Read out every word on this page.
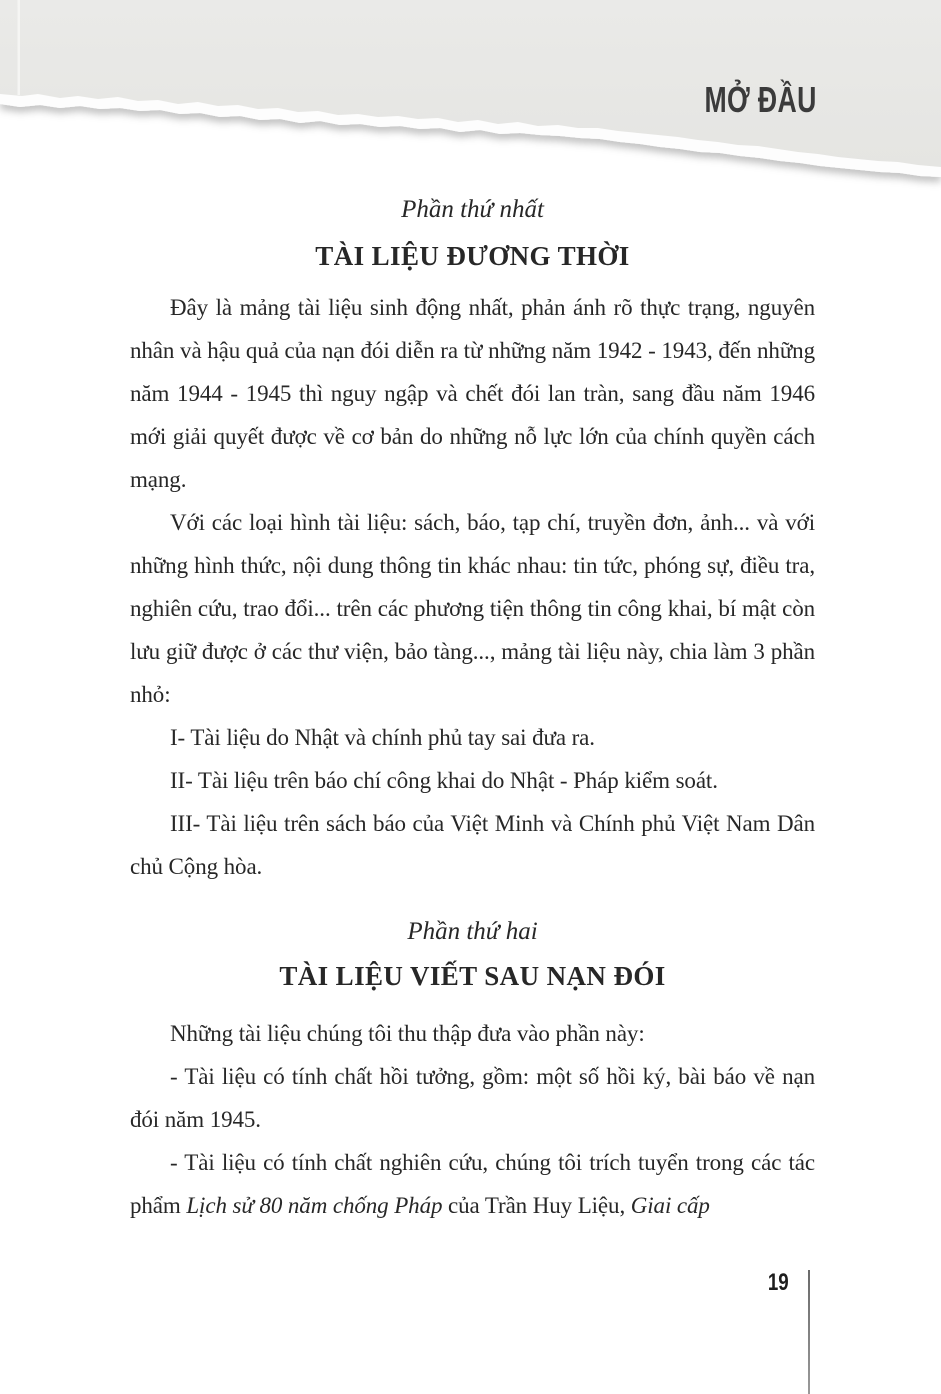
MỞ ĐẦU
Phần thứ nhất
TÀI LIỆU ĐƯƠNG THỜI
Đây là mảng tài liệu sinh động nhất, phản ánh rõ thực trạng, nguyên nhân và hậu quả của nạn đói diễn ra từ những năm 1942 - 1943, đến những năm 1944 - 1945 thì nguy ngập và chết đói lan tràn, sang đầu năm 1946 mới giải quyết được về cơ bản do những nỗ lực lớn của chính quyền cách mạng.
Với các loại hình tài liệu: sách, báo, tạp chí, truyền đơn, ảnh... và với những hình thức, nội dung thông tin khác nhau: tin tức, phóng sự, điều tra, nghiên cứu, trao đổi... trên các phương tiện thông tin công khai, bí mật còn lưu giữ được ở các thư viện, bảo tàng..., mảng tài liệu này, chia làm 3 phần nhỏ:
I- Tài liệu do Nhật và chính phủ tay sai đưa ra.
II- Tài liệu trên báo chí công khai do Nhật - Pháp kiểm soát.
III- Tài liệu trên sách báo của Việt Minh và Chính phủ Việt Nam Dân chủ Cộng hòa.
Phần thứ hai
TÀI LIỆU VIẾT SAU NẠN ĐÓI
Những tài liệu chúng tôi thu thập đưa vào phần này:
- Tài liệu có tính chất hồi tưởng, gồm: một số hồi ký, bài báo về nạn đói năm 1945.
- Tài liệu có tính chất nghiên cứu, chúng tôi trích tuyển trong các tác phẩm Lịch sử 80 năm chống Pháp của Trần Huy Liệu, Giai cấp
19
